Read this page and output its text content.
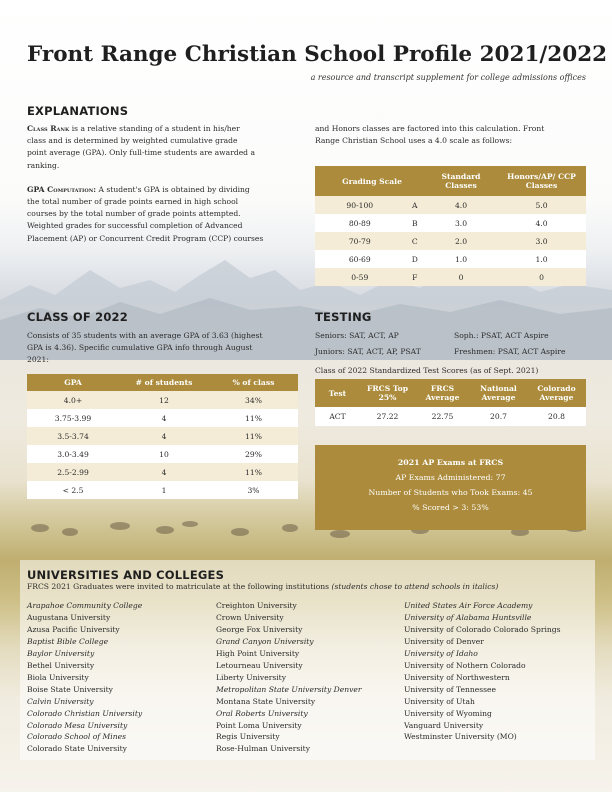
Front Range Christian School Profile 2021/2022
a resource and transcript supplement for college admissions offices
EXPLANATIONS
Class Rank is a relative standing of a student in his/her
class and is determined by weighted cumulative grade
point average (GPA). Only full-time students are awarded a
ranking.
GPA Computation: A student's GPA is obtained by dividing
the total number of grade points earned in high school
courses by the total number of grade points attempted.
Weighted grades for successful completion of Advanced
Placement (AP) or Concurrent Credit Program (CCP) courses
and Honors classes are factored into this calculation. Front
Range Christian School uses a 4.0 scale as follows:
Grading Scale		Standard Classes	Honors/AP/ CCP Classes
90-100	A	4.0	5.0
80-89	B	3.0	4.0
70-79	C	2.0	3.0
60-69	D	1.0	1.0
0-59	F	0	0
CLASS OF 2022
Consists of 35 students with an average GPA of 3.63 (highest
GPA is 4.36). Specific cumulative GPA info through August
2021:
GPA	# of students	% of class
4.0+	12	34%
3.75-3.99	4	11%
3.5-3.74	4	11%
3.0-3.49	10	29%
2.5-2.99	4	11%
< 2.5	1	3%
TESTING
Seniors: SAT, ACT, AP	Soph.: PSAT, ACT Aspire
Juniors: SAT, ACT, AP, PSAT	Freshmen: PSAT, ACT Aspire
Class of 2022 Standardized Test Scores (as of Sept. 2021)
Test	FRCS Top 25%	FRCS Average	National Average	Colorado Average
ACT	27.22	22.75	20.7	20.8
2021 AP Exams at FRCS
AP Exams Administered: 77
Number of Students who Took Exams: 45
% Scored > 3: 53%
UNIVERSITIES AND COLLEGES
FRCS 2021 Graduates were invited to matriculate at the following institutions (students chose to attend schools in italics)
Arapahoe Community College
Augustana University
Azusa Pacific University
Baptist Bible College
Baylor University
Bethel University
Biola University
Boise State University
Calvin University
Colorado Christian University
Colorado Mesa University
Colorado School of Mines
Colorado State University
Creighton University
Crown University
George Fox University
Grand Canyon University
High Point University
Letourneau University
Liberty University
Metropolitan State University Denver
Montana State University
Oral Roberts University
Point Loma University
Regis University
Rose-Hulman University
United States Air Force Academy
University of Alabama Huntsville
University of Colorado Colorado Springs
University of Denver
University of Idaho
University of Nothern Colorado
University of Northwestern
University of Tennessee
University of Utah
University of Wyoming
Vanguard University
Westminster University (MO)
